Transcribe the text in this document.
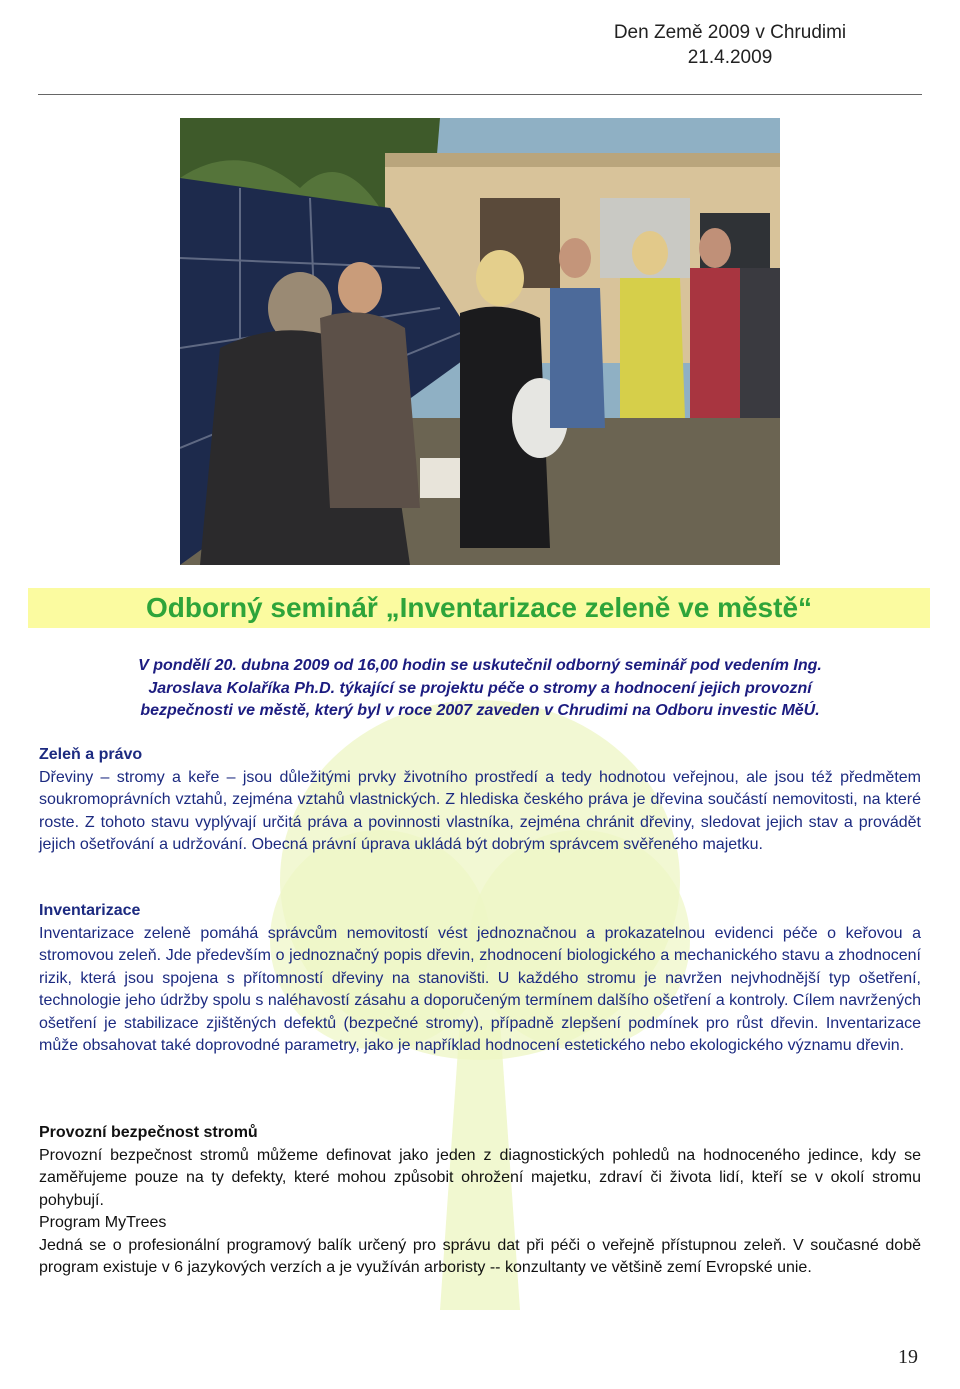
Den Země 2009 v Chrudimi
21.4.2009
Odborný seminář „Inventarizace zeleně ve městě“
V pondělí 20. dubna 2009 od 16,00 hodin se uskutečnil odborný seminář pod vedením Ing.
Jaroslava Kolaříka Ph.D. týkající se projektu péče o stromy a hodnocení jejich provozní
bezpečnosti ve městě, který byl v roce 2007 zaveden v Chrudimi na Odboru investic MěÚ.
Zeleň a právo

Dřeviny – stromy a keře – jsou důležitými prvky životního prostředí a tedy hodnotou veřejnou, ale jsou též předmětem soukromoprávních vztahů, zejména vztahů vlastnických. Z hlediska českého práva je dřevina součástí nemovitosti, na které roste. Z tohoto stavu vyplývají určitá práva a povinnosti vlastníka, zejména chránit dřeviny, sledovat jejich stav a provádět jejich ošetřování a udržování. Obecná právní úprava ukládá být dobrým správcem svěřeného majetku.

Inventarizace

Inventarizace zeleně pomáhá správcům nemovitostí vést jednoznačnou a prokazatelnou evidenci péče o keřovou a stromovou zeleň. Jde především o jednoznačný popis dřevin, zhodnocení biologického a mechanického stavu a zhodnocení rizik, která jsou spojena s přítomností dřeviny na stanovišti. U každého stromu je navržen nejvhodnější typ ošetření, technologie jeho údržby spolu s naléhavostí zásahu a doporučeným termínem dalšího ošetření a kontroly. Cílem navržených ošetření je stabilizace zjištěných defektů (bezpečné stromy), případně zlepšení podmínek pro růst dřevin. Inventarizace může obsahovat také doprovodné parametry, jako je například hodnocení estetického nebo ekologického významu dřevin.

Provozní bezpečnost stromů

Provozní bezpečnost stromů můžeme definovat jako jeden z diagnostických pohledů na hodnoceného jedince, kdy se zaměřujeme pouze na ty defekty, které mohou způsobit ohrožení majetku, zdraví či života lidí, kteří se v okolí stromu pohybují.

Program MyTrees

Jedná se o profesionální programový balík určený pro správu dat při péči o veřejně přístupnou zeleň. V současné době program existuje v 6 jazykových verzích a je využíván arboristy -- konzultanty ve většině zemí Evropské unie.

19
